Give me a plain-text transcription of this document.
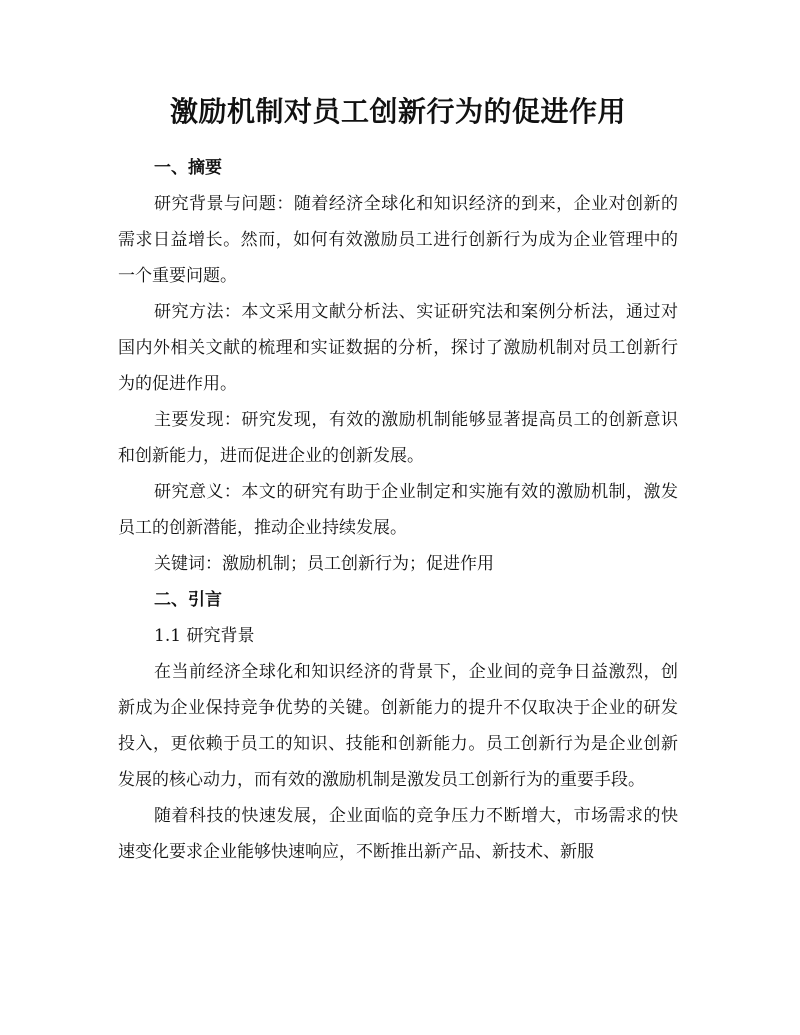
激励机制对员工创新行为的促进作用
一、摘要

研究背景与问题：随着经济全球化和知识经济的到来，企业对创新的需求日益增长。然而，如何有效激励员工进行创新行为成为企业管理中的一个重要问题。

研究方法：本文采用文献分析法、实证研究法和案例分析法，通过对国内外相关文献的梳理和实证数据的分析，探讨了激励机制对员工创新行为的促进作用。

主要发现：研究发现，有效的激励机制能够显著提高员工的创新意识和创新能力，进而促进企业的创新发展。

研究意义：本文的研究有助于企业制定和实施有效的激励机制，激发员工的创新潜能，推动企业持续发展。

关键词：激励机制；员工创新行为；促进作用

二、引言

1.1 研究背景

在当前经济全球化和知识经济的背景下，企业间的竞争日益激烈，创新成为企业保持竞争优势的关键。创新能力的提升不仅取决于企业的研发投入，更依赖于员工的知识、技能和创新能力。员工创新行为是企业创新发展的核心动力，而有效的激励机制是激发员工创新行为的重要手段。

随着科技的快速发展，企业面临的竞争压力不断增大，市场需求的快速变化要求企业能够快速响应，不断推出新产品、新技术、新服
